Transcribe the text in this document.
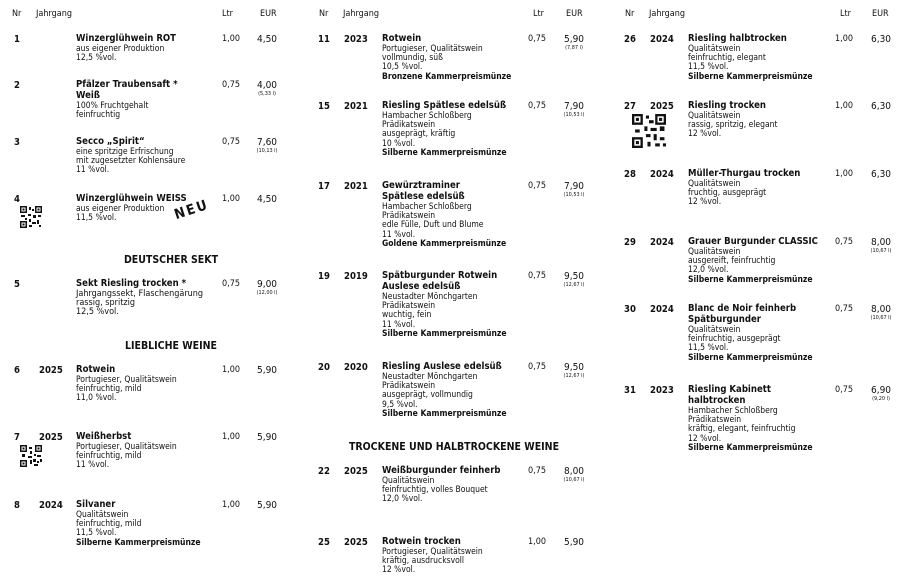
Nr Jahrgang	Ltr	EUR
1	Winzerglühwein ROT
aus eigener Produktion
12,5 %vol.
1,00	4,50
2	Pfälzer Traubensaft *
Weiß
100% Fruchtgehalt
feinfruchtig
0,75	4,00
(5,33 l)
3	Secco „Spirit“
eine spritzige Erfrischung
mit zugesetzter Kohlensäure
11 %vol.
0,75	7,60
(10,13 l)
4	Winzerglühwein WEISS
NEU
aus eigener Produktion
11,5 %vol.
1,00	4,50
DEUTSCHER SEKT
5	Sekt Riesling trocken *
Jahrgangssekt, Flaschengärung
rassig, spritzig
12,5 %vol.
0,75	9,00
(12,00 l)
LIEBLICHE WEINE
6 2025 Rotwein
Portugieser, Qualitätswein
feinfruchtig, mild
11,0 %vol.
1,00	5,90
7 2025 Weißherbst
Portugieser, Qualitätswein
feinfruchtig, mild
11 %vol.
1,00	5,90
8 2024 Silvaner
Qualitätswein
feinfruchtig, mild
11,5 %vol.
Silberne Kammerpreismünze
1,00	5,90
Nr Jahrgang	Ltr EUR
11 2023 Rotwein
Portugieser, Qualitätswein
vollmundig, süß
10,5 %vol.
Bronzene Kammerpreismünze
0,75	5,90
(7,87 l)
15 2021 Riesling Spätlese edelsüß
Hambacher Schloßberg
Prädikatswein
ausgeprägt, kräftig
10 %vol.
Silberne Kammerpreismünze
0,75	7,90
(10,53 l)
17 2021 Gewürztraminer
Spätlese edelsüß
Hambacher Schloßberg
Prädikatswein
edle Fülle, Duft und Blume
11 %vol.
Goldene Kammerpreismünze
0,75	7,90
(10,53 l)
19 2019 Spätburgunder Rotwein
Auslese edelsüß
Neustadter Mönchgarten
Prädikatswein
wuchtig, fein
11 %vol.
Silberne Kammerpreismünze
0,75	9,50
(12,67 l)
20 2020 Riesling Auslese edelsüß
Neustadter Mönchgarten
Prädikatswein
ausgeprägt, vollmundig
9,5 %vol.
Silberne Kammerpreismünze
0,75	9,50
(12,67 l)
TROCKENE UND HALBTROCKENE WEINE
22 2025 Weißburgunder feinherb
Qualitätswein
feinfruchtig, volles Bouquet
12,0 %vol.
0,75	8,00
(10,67 l)
25 2025 Rotwein trocken
Portugieser, Qualitätswein
kräftig, ausdrucksvoll
12 %vol.
1,00	5,90
Nr Jahrgang	Ltr EUR
26 2024 Riesling halbtrocken
Qualitätswein
feinfruchtig, elegant
11,5 %vol.
Silberne Kammerpreismünze
1,00	6,30
27 2025 Riesling trocken
Qualitätswein
rassig, spritzig, elegant
12 %vol.
1,00	6,30
28 2024 Müller-Thurgau trocken
Qualitätswein
fruchtig, ausgeprägt
12 %vol.
1,00	6,30
29 2024 Grauer Burgunder CLASSIC
Qualitätswein
ausgereift, feinfruchtig
12,0 %vol.
Silberne Kammerpreismünze
0,75	8,00
(10,67 l)
30 2024 Blanc de Noir feinherb
Spätburgunder
Qualitätswein
feinfruchtig, ausgeprägt
11,5 %vol.
Silberne Kammerpreismünze
0,75	8,00
(10,67 l)
31 2023 Riesling Kabinett
halbtrocken
Hambacher Schloßberg
Prädikatswein
kräftig, elegant, feinfruchtig
12 %vol.
Silberne Kammerpreismünze
0,75	6,90
(9,20 l)
